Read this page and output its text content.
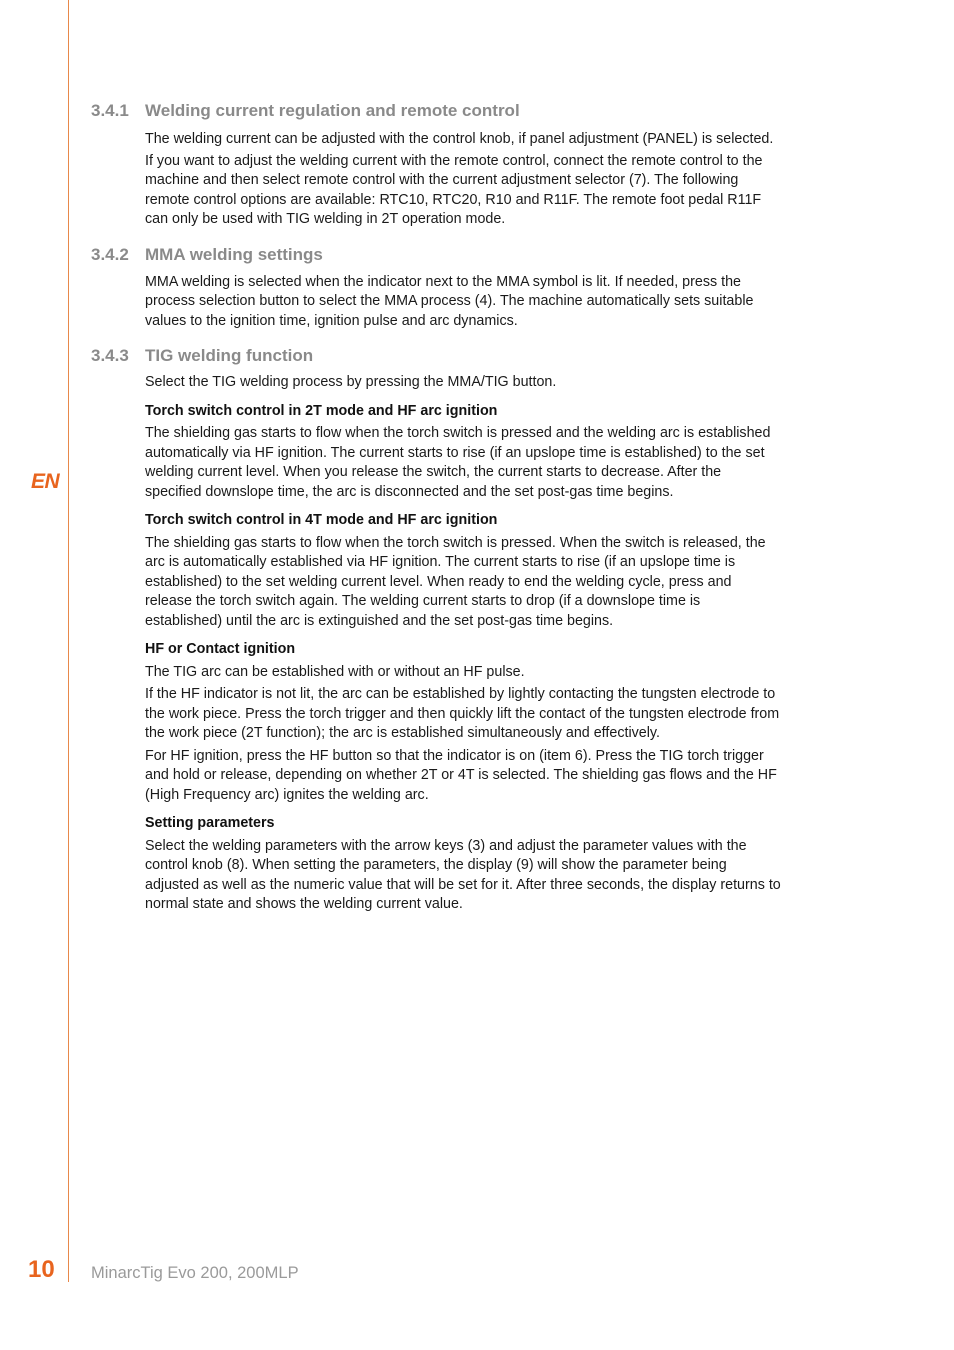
EN
3.4.1 Welding current regulation and remote control

The welding current can be adjusted with the control knob, if panel adjustment (PANEL) is selected.

If you want to adjust the welding current with the remote control, connect the remote control to the machine and then select remote control with the current adjustment selector (7). The following remote control options are available: RTC10, RTC20, R10 and R11F. The remote foot pedal R11F can only be used with TIG welding in 2T operation mode.

3.4.2 MMA welding settings

MMA welding is selected when the indicator next to the MMA symbol is lit. If needed, press the process selection button to select the MMA process (4). The machine automatically sets suitable values to the ignition time, ignition pulse and arc dynamics.

3.4.3 TIG welding function

Select the TIG welding process by pressing the MMA/TIG button.

Torch switch control in 2T mode and HF arc ignition

The shielding gas starts to flow when the torch switch is pressed and the welding arc is established automatically via HF ignition. The current starts to rise (if an upslope time is established) to the set welding current level. When you release the switch, the current starts to decrease. After the specified downslope time, the arc is disconnected and the set post-gas time begins.

Torch switch control in 4T mode and HF arc ignition

The shielding gas starts to flow when the torch switch is pressed. When the switch is released, the arc is automatically established via HF ignition. The current starts to rise (if an upslope time is established) to the set welding current level. When ready to end the welding cycle, press and release the torch switch again. The welding current starts to drop (if a downslope time is established) until the arc is extinguished and the set post-gas time begins.

HF or Contact ignition

The TIG arc can be established with or without an HF pulse.

If the HF indicator is not lit, the arc can be established by lightly contacting the tungsten electrode to the work piece. Press the torch trigger and then quickly lift the contact of the tungsten electrode from the work piece (2T function); the arc is established simultaneously and effectively.

For HF ignition, press the HF button so that the indicator is on (item 6). Press the TIG torch trigger and hold or release, depending on whether 2T or 4T is selected. The shielding gas flows and the HF (High Frequency arc) ignites the welding arc.

Setting parameters

Select the welding parameters with the arrow keys (3) and adjust the parameter values with the control knob (8). When setting the parameters, the display (9) will show the parameter being adjusted as well as the numeric value that will be set for it. After three seconds, the display returns to normal state and shows the welding current value.

10 MinarcTig Evo 200, 200MLP
